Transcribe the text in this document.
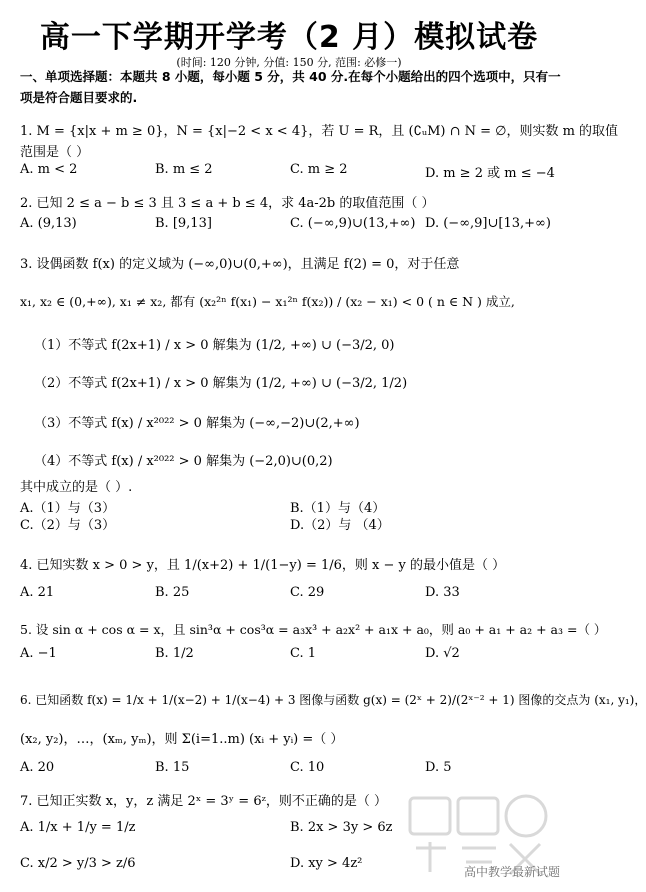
高一下学期开学考（2 月）模拟试卷
(时间: 120 分钟, 分值: 150 分, 范围: 必修一)
一、单项选择题：本题共 8 小题，每小题 5 分，共 40 分.在每个小题给出的四个选项中，只有一项是符合题目要求的.
1. M = {x|x + m ≥ 0}，N = {x|−2 < x < 4}，若 U = R，且 (∁ᵤM) ∩ N = ∅，则实数 m 的取值
范围是（ ）
A. m < 2	B. m ≤ 2	C. m ≥ 2	D. m ≥ 2 或 m ≤ −4
2. 已知 2 ≤ a − b ≤ 3 且 3 ≤ a + b ≤ 4，求 4a-2b 的取值范围（ ）
A. (9,13)	B. [9,13]	C. (−∞,9)∪(13,+∞) D. (−∞,9]∪[13,+∞)
3. 设偶函数 f(x) 的定义域为 (−∞,0)∪(0,+∞)，且满足 f(2) = 0，对于任意
x₁, x₂ ∈ (0,+∞), x₁ ≠ x₂, 都有 (x₂²ⁿ f(x₁) − x₁²ⁿ f(x₂)) / (x₂ − x₁) < 0 ( n ∈ N ) 成立,
（1）不等式 f(2x+1) / x > 0 解集为 (1/2, +∞) ∪ (−3/2, 0)
（2）不等式 f(2x+1) / x > 0 解集为 (1/2, +∞) ∪ (−3/2, 1/2)
（3）不等式 f(x) / x²⁰²² > 0 解集为 (−∞,−2)∪(2,+∞)
（4）不等式 f(x) / x²⁰²² > 0 解集为 (−2,0)∪(0,2)
其中成立的是（ ）.
A.（1）与（3）	B.（1）与（4）
C.（2）与（3）	D.（2）与 （4）
4. 已知实数 x > 0 > y，且 1/(x+2) + 1/(1−y) = 1/6，则 x − y 的最小值是（ ）
A. 21	B. 25	C. 29	D. 33
5. 设 sin α + cos α = x，且 sin³α + cos³α = a₃x³ + a₂x² + a₁x + a₀，则 a₀ + a₁ + a₂ + a₃ =（ ）
A. −1	B. 1/2	C. 1	D. √2
6. 已知函数 f(x) = 1/x + 1/(x−2) + 1/(x−4) + 3 图像与函数 g(x) = (2ˣ + 2)/(2ˣ⁻² + 1) 图像的交点为 (x₁, y₁)，
(x₂, y₂)，…，(xₘ, yₘ)，则 Σ(i=1..m) (xᵢ + yᵢ) =（ ）
A. 20	B. 15	C. 10	D. 5
7. 已知正实数 x，y，z 满足 2ˣ = 3ʸ = 6ᶻ，则不正确的是（ ）
A. 1/x + 1/y = 1/z	B. 2x > 3y > 6z
C. x/2 > y/3 > z/6	D. xy > 4z²
高中教学最新试题
